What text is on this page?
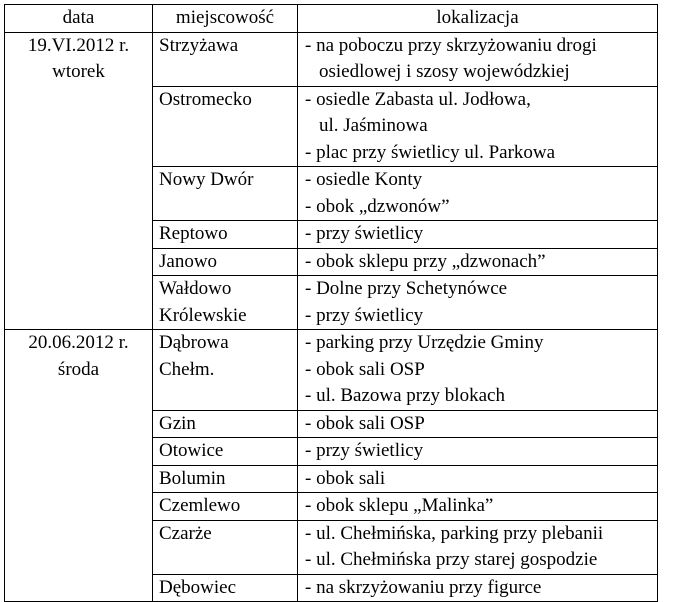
data	miejscowość	lokalizacja

19.VI.2012 r.
wtorek	Strzyżawa	- na poboczu przy skrzyżowaniu drogi
osiedlowej i szosy wojewódzkiej

	Ostromecko	- osiedle Zabasta ul. Jodłowa,
ul. Jaśminowa
- plac przy świetlicy ul. Parkowa

	Nowy Dwór	- osiedle Konty
- obok „dzwonów”

	Reptowo	- przy świetlicy

	Janowo	- obok sklepu przy „dzwonach”

	Wałdowo
Królewskie	- Dolne przy Schetynówce
- przy świetlicy

20.06.2012 r.
środa	Dąbrowa
Chełm.	- parking przy Urzędzie Gminy
- obok sali OSP
- ul. Bazowa przy blokach

	Gzin	- obok sali OSP

	Otowice	- przy świetlicy

	Bolumin	- obok sali

	Czemlewo	- obok sklepu „Malinka”

	Czarże	- ul. Chełmińska, parking przy plebanii
- ul. Chełmińska przy starej gospodzie

	Dębowiec	- na skrzyżowaniu przy figurce
